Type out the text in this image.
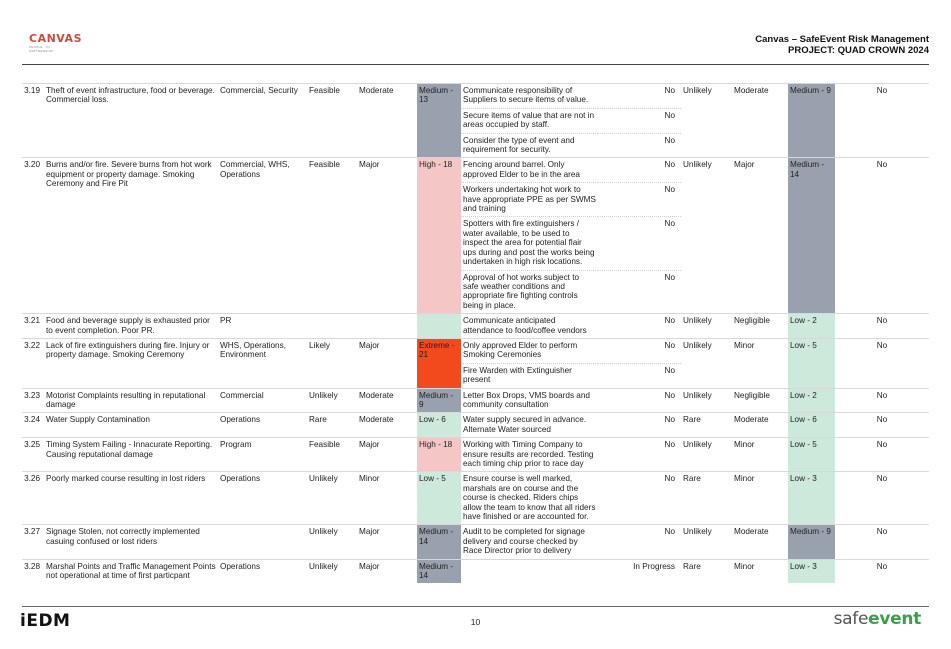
CANVAS
PEOPLE · IN · PARTNERSHIP
Canvas – SafeEvent Risk Management
PROJECT: QUAD CROWN 2024
3.19	Theft of event infrastructure, food or beverage. Commercial loss.	Commercial, Security	Feasible	Moderate	Medium - 13	Communicate responsibility of Suppliers to secure items of value.	No	Unlikely	Moderate	Medium - 9	No
						Secure items of value that are not in areas occupied by staff.	No				
						Consider the type of event and requirement for security.	No				
3.20	Burns and/or fire. Severe burns from hot work equipment or property damage. Smoking Ceremony and Fire Pit	Commercial, WHS, Operations	Feasible	Major	High - 18	Fencing around barrel. Only approved Elder to be in the area	No	Unlikely	Major	Medium - 14	No
						Workers undertaking hot work to have appropriate PPE as per SWMS and training	No				
						Spotters with fire extinguishers / water available, to be used to inspect the area for potential flair ups during and post the works being undertaken in high risk locations.	No				
						Approval of hot works subject to safe weather conditions and appropriate fire fighting controls being in place.	No				
3.21	Food and beverage supply is exhausted prior to event completion. Poor PR.	PR				Communicate anticipated attendance to food/coffee vendors	No	Unlikely	Negligible	Low - 2	No
3.22	Lack of fire extinguishers during fire. Injury or property damage. Smoking Ceremony	WHS, Operations, Environment	Likely	Major	Extreme - 21	Only approved Elder to perform Smoking Ceremonies	No	Unlikely	Minor	Low - 5	No
						Fire Warden with Extinguisher present	No				
3.23	Motorist Complaints resulting in reputational damage	Commercial	Unlikely	Moderate	Medium - 9	Letter Box Drops, VMS boards and community consultation	No	Unlikely	Negligible	Low - 2	No
3.24	Water Supply Contamination	Operations	Rare	Moderate	Low - 6	Water supply secured in advance. Alternate Water sourced	No	Rare	Moderate	Low - 6	No
3.25	Timing System Failing - Innacurate Reporting. Causing reputational damage	Program	Feasible	Major	High - 18	Working with Timing Company to ensure results are recorded. Testing each timing chip prior to race day	No	Unlikely	Minor	Low - 5	No
3.26	Poorly marked course resulting in lost riders	Operations	Unlikely	Minor	Low - 5	Ensure course is well marked, marshals are on course and the course is checked. Riders chips allow the team to know that all riders have finished or are accounted for.	No	Rare	Minor	Low - 3	No
3.27	Signage Stolen, not correctly implemented casuing confused or lost riders		Unlikely	Major	Medium - 14	Audit to be completed for signage delivery and course checked by Race Director prior to delivery	No	Unlikely	Moderate	Medium - 9	No
3.28	Marshal Points and Traffic Management Points not operational at time of first particpant	Operations	Unlikely	Major	Medium - 14		In Progress	Rare	Minor	Low - 3	No
iEDM	10	safeevent
